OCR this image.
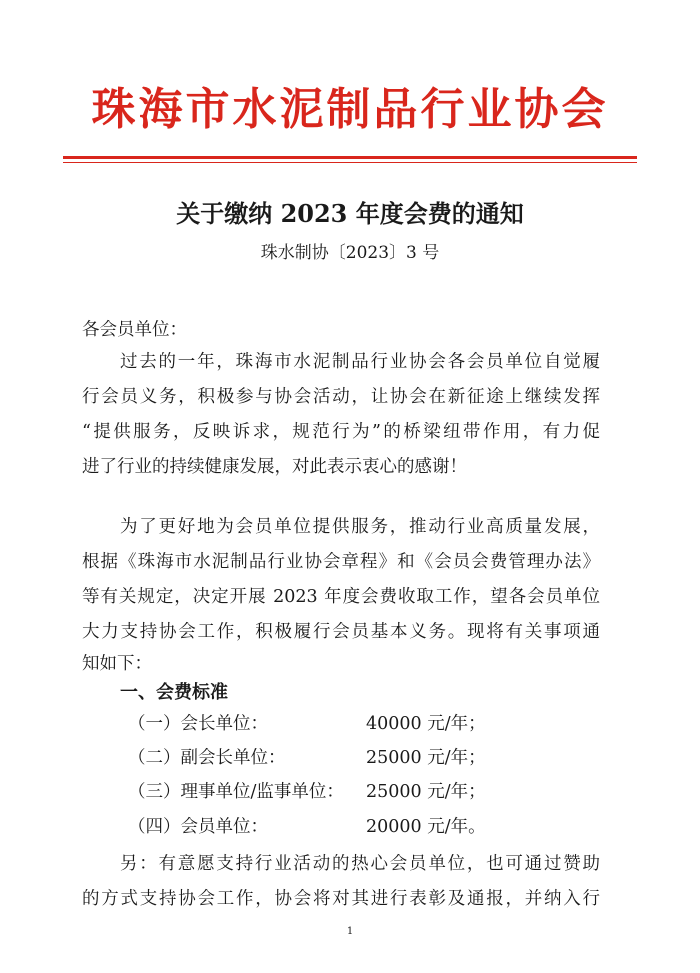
珠海市水泥制品行业协会
关于缴纳 2023 年度会费的通知
珠水制协〔2023〕3 号
各会员单位：
过去的一年，珠海市水泥制品行业协会各会员单位自觉履
行会员义务，积极参与协会活动，让协会在新征途上继续发挥
“提供服务，反映诉求，规范行为”的桥梁纽带作用，有力促
进了行业的持续健康发展，对此表示衷心的感谢！
为了更好地为会员单位提供服务，推动行业高质量发展，
根据《珠海市水泥制品行业协会章程》和《会员会费管理办法》
等有关规定，决定开展 2023 年度会费收取工作，望各会员单位
大力支持协会工作，积极履行会员基本义务。现将有关事项通
知如下：
一、会费标准
（一）会长单位：	40000 元/年；
（二）副会长单位：	25000 元/年；
（三）理事单位/监事单位： 25000 元/年；
（四）会员单位：	20000 元/年。
另：有意愿支持行业活动的热心会员单位，也可通过赞助
的方式支持协会工作，协会将对其进行表彰及通报，并纳入行
1
